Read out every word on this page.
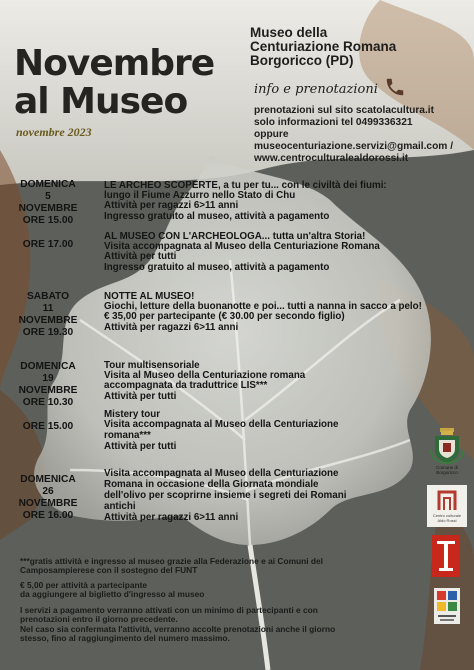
Novembre
al Museo

novembre 2023

Museo della

Centuriazione Romana

Borgoricco (PD)

info e prenotazioni

prenotazioni sul sito scatolacultura.it

solo informazioni tel 0499336321

oppure

museocenturiazione.servizi@gmail.com /

www.centroculturalealdorossi.it

DOMENICA

5

NOVEMBRE

ORE 15.00

LE ARCHEO SCOPERTE, a tu per tu... con le civiltà dei fiumi:

lungo il Fiume Azzurro nello Stato di Chu

Attività per ragazzi 6>11 anni

Ingresso gratuito al museo, attività a pagamento

ORE 17.00

AL MUSEO CON L'ARCHEOLOGA... tutta un'altra Storia!

Visita accompagnata al Museo della Centuriazione Romana

Attività per tutti

Ingresso gratuito al museo, attività a pagamento

SABATO

11

NOVEMBRE

ORE 19.30

NOTTE AL MUSEO!

Giochi, letture della buonanotte e poi... tutti a nanna in sacco a pelo!

€ 35,00 per partecipante (€ 30.00 per secondo figlio)

Attività per ragazzi 6>11 anni

DOMENICA

19

NOVEMBRE

ORE 10.30

Tour multisensoriale

Visita al Museo della Centuriazione romana

accompagnata da traduttrice LIS***

Attività per tutti

ORE 15.00

Mistery tour

Visita accompagnata al Museo della Centuriazione

romana***

Attività per tutti

DOMENICA

26

NOVEMBRE

ORE 16.00

Visita accompagnata al Museo della Centuriazione

Romana in occasione della Giornata mondiale

dell'olivo per scoprirne insieme i segreti dei Romani

antichi

Attività per ragazzi 6>11 anni

***gratis attività e ingresso al museo grazie alla Federazione e ai Comuni del

Camposampierese con il sostegno del FUNT

€ 5,00 per attività a partecipante

da aggiungere al biglietto d'ingresso al museo

I servizi a pagamento verranno attivati con un minimo di partecipanti e con

prenotazioni entro il giorno precedente.

Nel caso sia confermata l'attività, verranno accolte prenotazioni anche il giorno

stesso, fino al raggiungimento del numero massimo.

Comune di

Borgoricco

Centro culturale

Aldo Rossi
